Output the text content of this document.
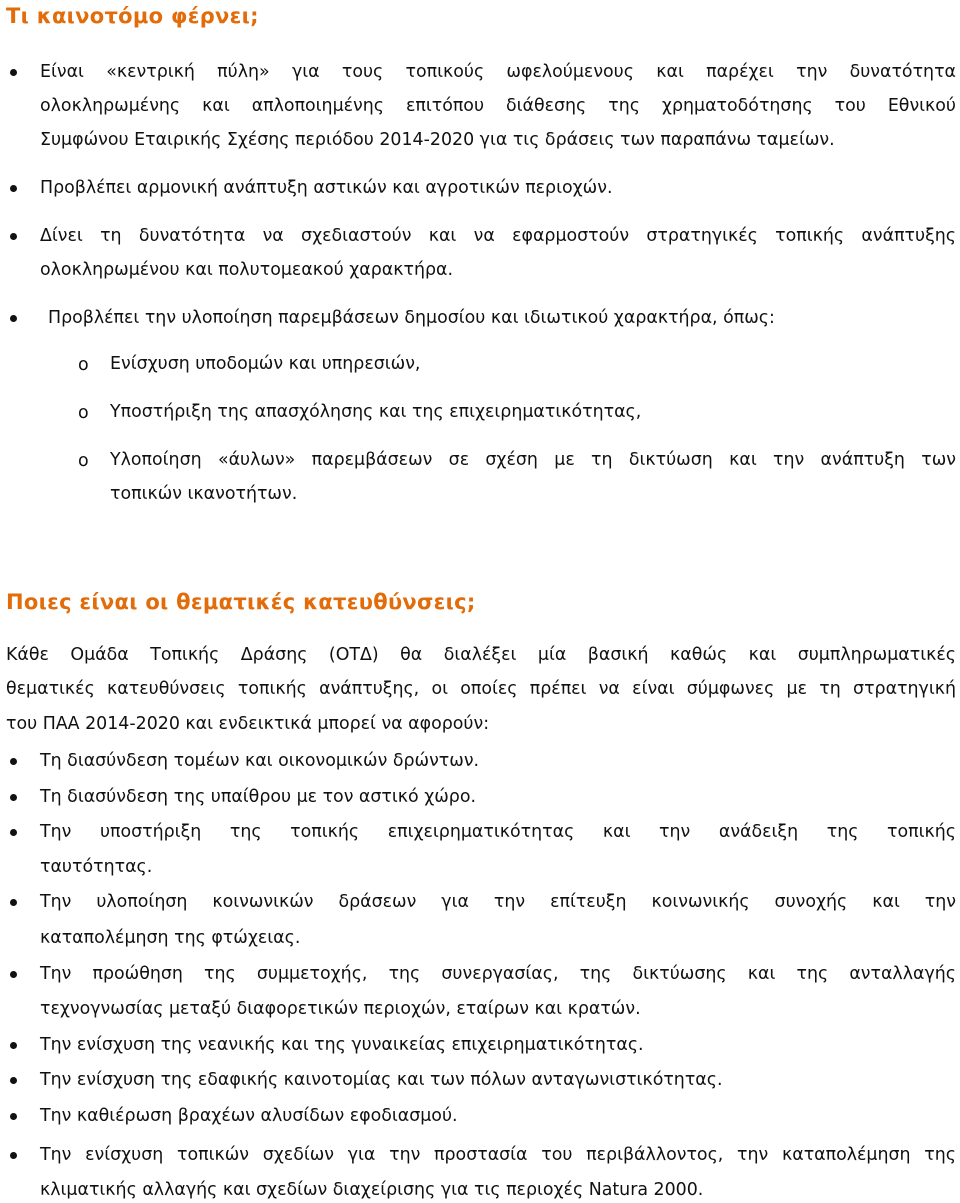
Τι καινοτόμο φέρνει;

Είναι «κεντρική πύλη» για τους τοπικούς ωφελούμενους και παρέχει την δυνατότητα

ολοκληρωμένης και απλοποιημένης επιτόπου διάθεσης της χρηματοδότησης του Εθνικού

Συμφώνου Εταιρικής Σχέσης περιόδου 2014-2020 για τις δράσεις των παραπάνω ταμείων.

Προβλέπει αρμονική ανάπτυξη αστικών και αγροτικών περιοχών.

Δίνει τη δυνατότητα να σχεδιαστούν και να εφαρμοστούν στρατηγικές τοπικής ανάπτυξης

ολοκληρωμένου και πολυτομεακού χαρακτήρα.

Προβλέπει την υλοποίηση παρεμβάσεων δημοσίου και ιδιωτικού χαρακτήρα, όπως:

o Ενίσχυση υποδομών και υπηρεσιών,

o Υποστήριξη της απασχόλησης και της επιχειρηματικότητας,

o Υλοποίηση «άυλων» παρεμβάσεων σε σχέση με τη δικτύωση και την ανάπτυξη των

τοπικών ικανοτήτων.

Ποιες είναι οι θεματικές κατευθύνσεις;

Κάθε Ομάδα Τοπικής Δράσης (ΟΤΔ) θα διαλέξει μία βασική καθώς και συμπληρωματικές

θεματικές κατευθύνσεις τοπικής ανάπτυξης, οι οποίες πρέπει να είναι σύμφωνες με τη στρατηγική

του ΠΑΑ 2014-2020 και ενδεικτικά μπορεί να αφορούν:

Τη διασύνδεση τομέων και οικονομικών δρώντων.

Τη διασύνδεση της υπαίθρου με τον αστικό χώρο.

Την υποστήριξη της τοπικής επιχειρηματικότητας και την ανάδειξη της τοπικής

ταυτότητας.

Την υλοποίηση κοινωνικών δράσεων για την επίτευξη κοινωνικής συνοχής και την

καταπολέμηση της φτώχειας.

Την προώθηση της συμμετοχής, της συνεργασίας, της δικτύωσης και της ανταλλαγής

τεχνογνωσίας μεταξύ διαφορετικών περιοχών, εταίρων και κρατών.

Την ενίσχυση της νεανικής και της γυναικείας επιχειρηματικότητας.

Την ενίσχυση της εδαφικής καινοτομίας και των πόλων ανταγωνιστικότητας.

Την καθιέρωση βραχέων αλυσίδων εφοδιασμού.

Την ενίσχυση τοπικών σχεδίων για την προστασία του περιβάλλοντος, την καταπολέμηση της

κλιματικής αλλαγής και σχεδίων διαχείρισης για τις περιοχές Natura 2000.
